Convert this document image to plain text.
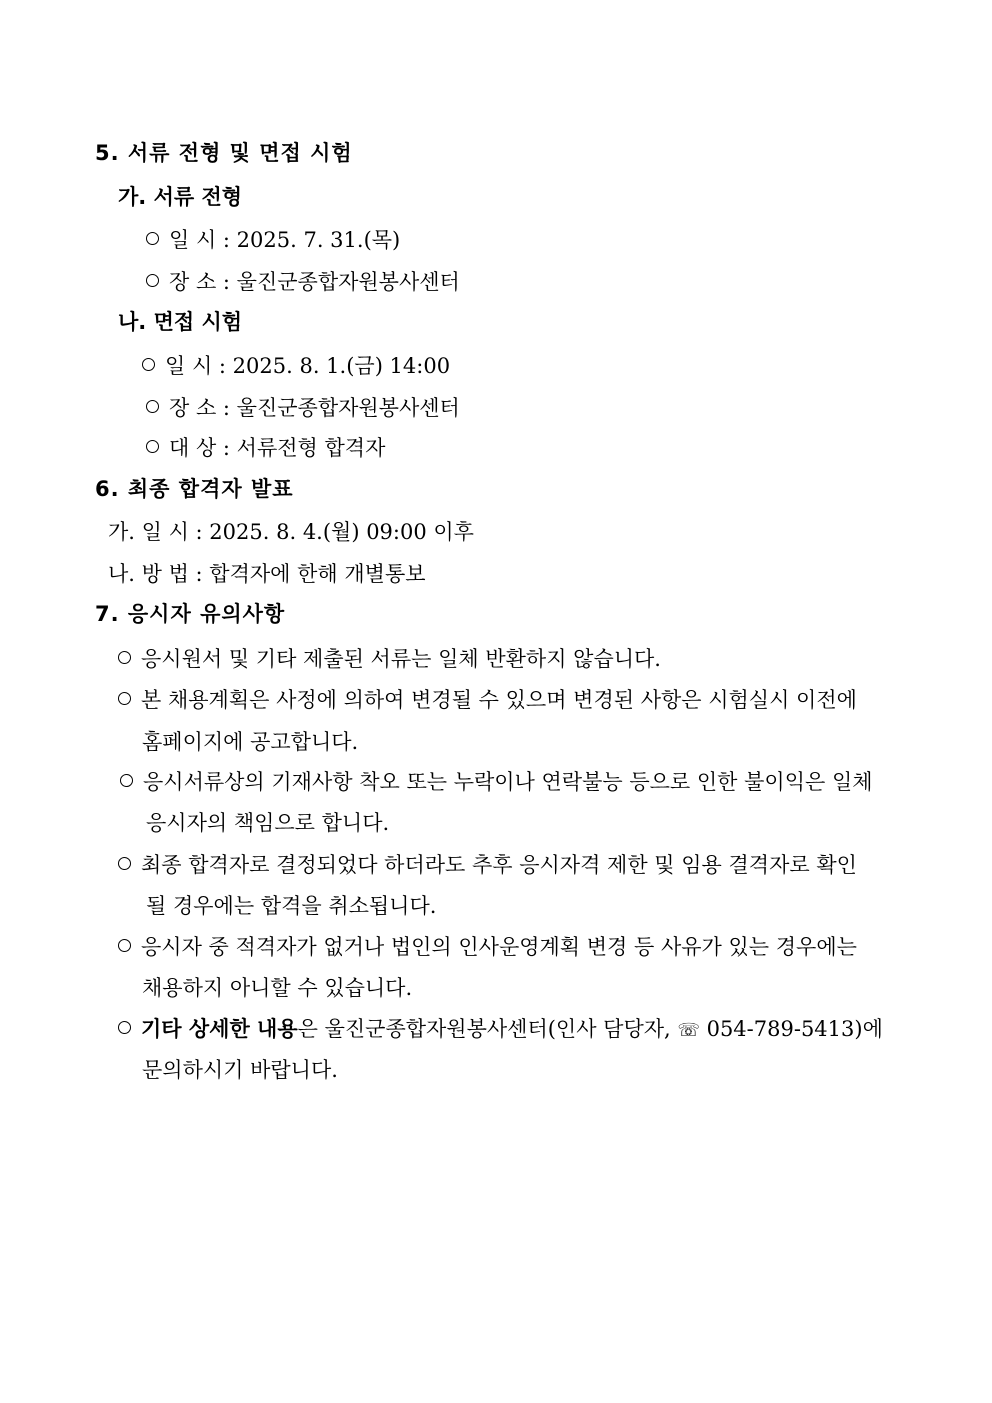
5. 서류 전형 및 면접 시험
가. 서류 전형
일 시 : 2025. 7. 31.(목)
장 소 : 울진군종합자원봉사센터
나. 면접 시험
일 시 : 2025. 8. 1.(금) 14:00
장 소 : 울진군종합자원봉사센터
대 상 : 서류전형 합격자
6. 최종 합격자 발표
가. 일 시 : 2025. 8. 4.(월) 09:00 이후
나. 방 법 : 합격자에 한해 개별통보
7. 응시자 유의사항
응시원서 및 기타 제출된 서류는 일체 반환하지 않습니다.
본 채용계획은 사정에 의하여 변경될 수 있으며 변경된 사항은 시험실시 이전에
홈페이지에 공고합니다.
응시서류상의 기재사항 착오 또는 누락이나 연락불능 등으로 인한 불이익은 일체
응시자의 책임으로 합니다.
최종 합격자로 결정되었다 하더라도 추후 응시자격 제한 및 임용 결격자로 확인
될 경우에는 합격을 취소됩니다.
응시자 중 적격자가 없거나 법인의 인사운영계획 변경 등 사유가 있는 경우에는
채용하지 아니할 수 있습니다.
기타 상세한 내용은 울진군종합자원봉사센터(인사 담당자, ☏ 054-789-5413)에
문의하시기 바랍니다.
